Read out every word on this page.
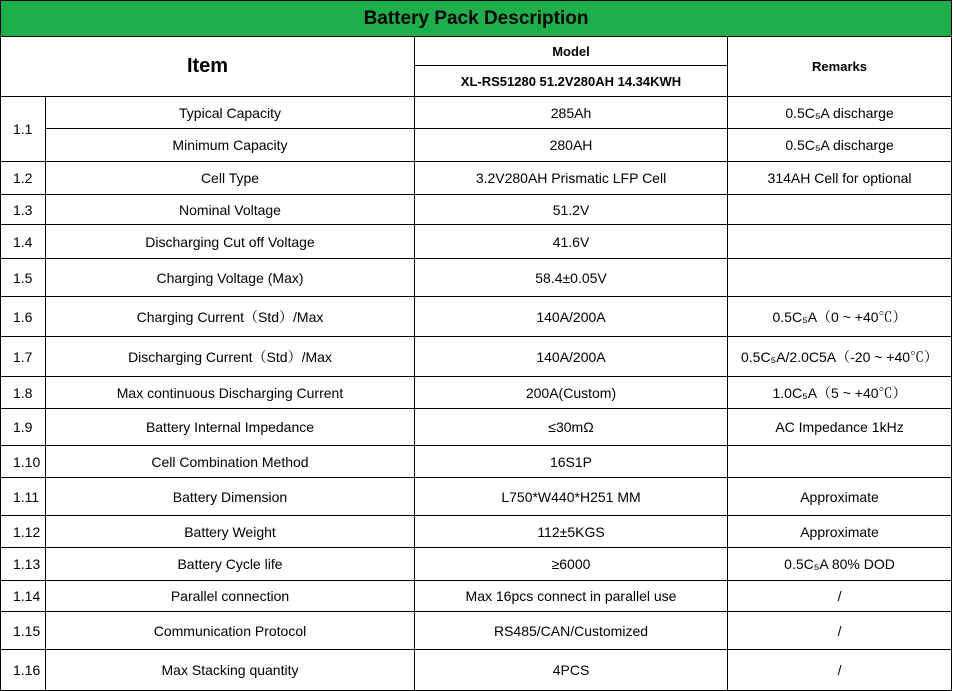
Battery Pack Description			
Item		Model	Remarks
		XL-RS51280 51.2V280AH 14.34KWH	
1.1	Typical Capacity	285Ah	0.5C₅A discharge
	Minimum Capacity	280AH	0.5C₅A discharge
1.2	Cell Type	3.2V280AH Prismatic LFP Cell	314AH Cell for optional
1.3	Nominal Voltage	51.2V	
1.4	Discharging Cut off Voltage	41.6V	
1.5	Charging Voltage (Max)	58.4±0.05V	
1.6	Charging Current（Std）/Max	140A/200A	0.5C₅A（0 ~ +40℃）
1.7	Discharging Current（Std）/Max	140A/200A	0.5C₅A/2.0C5A（-20 ~ +40℃）
1.8	Max continuous Discharging Current	200A(Custom)	1.0C₅A（5 ~ +40℃）
1.9	Battery Internal Impedance	≤30mΩ	AC Impedance 1kHz
1.10	Cell Combination Method	16S1P	
1.11	Battery Dimension	L750*W440*H251 MM	Approximate
1.12	Battery Weight	112±5KGS	Approximate
1.13	Battery Cycle life	≥6000	0.5C₅A 80% DOD
1.14	Parallel connection	Max 16pcs connect in parallel use	/
1.15	Communication Protocol	RS485/CAN/Customized	/
1.16	Max Stacking quantity	4PCS	/
